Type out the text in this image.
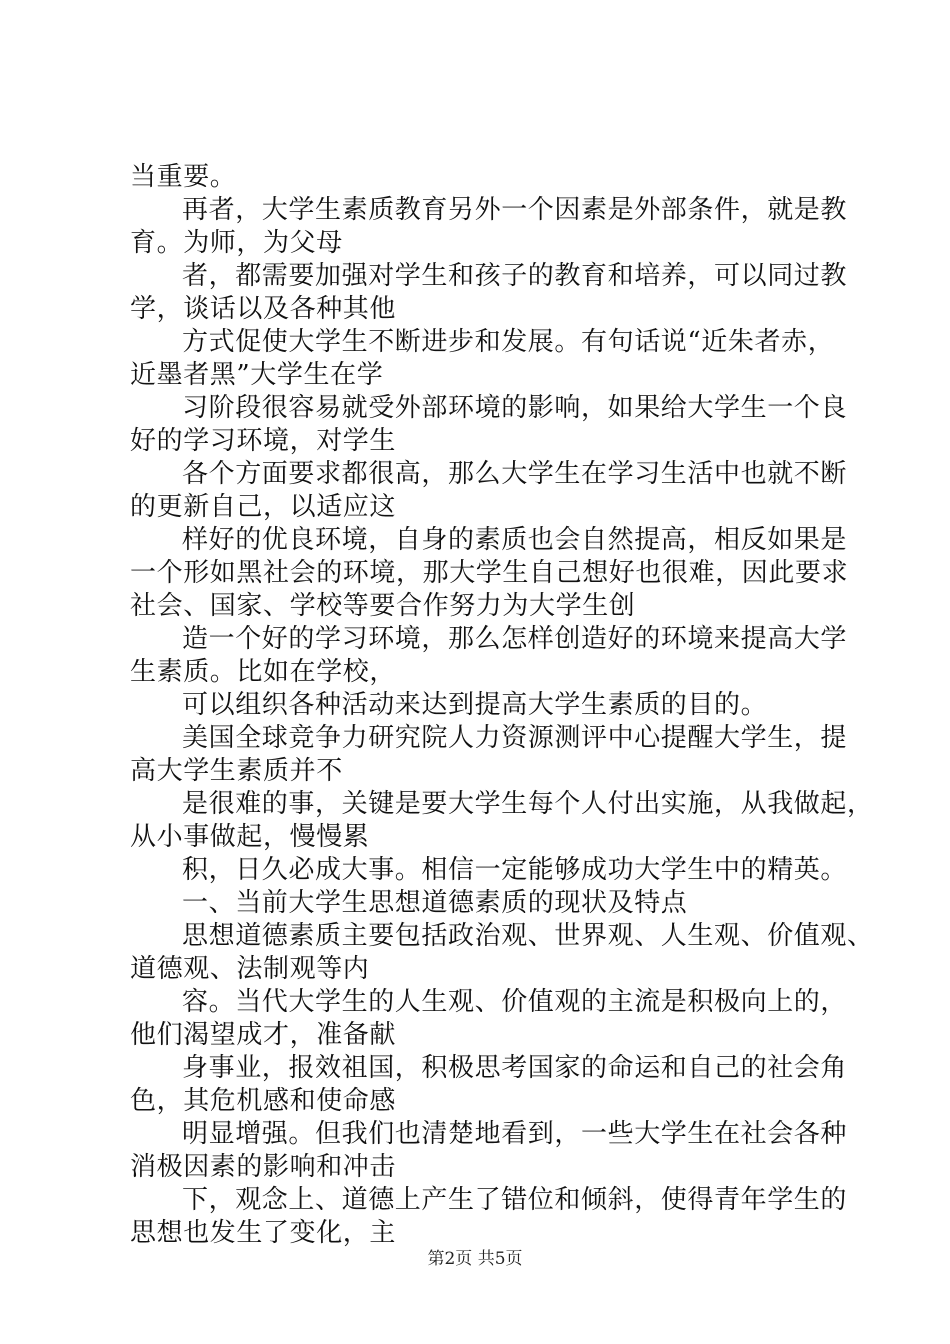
当重要。
再者，大学生素质教育另外一个因素是外部条件，就是教
育。为师，为父母
者，都需要加强对学生和孩子的教育和培养，可以同过教
学，谈话以及各种其他
方式促使大学生不断进步和发展。有句话说“近朱者赤，
近墨者黑”大学生在学
习阶段很容易就受外部环境的影响，如果给大学生一个良
好的学习环境，对学生
各个方面要求都很高，那么大学生在学习生活中也就不断
的更新自己，以适应这
样好的优良环境，自身的素质也会自然提高，相反如果是
一个形如黑社会的环境，那大学生自己想好也很难，因此要求
社会、国家、学校等要合作努力为大学生创
造一个好的学习环境，那么怎样创造好的环境来提高大学
生素质。比如在学校，
可以组织各种活动来达到提高大学生素质的目的。
美国全球竞争力研究院人力资源测评中心提醒大学生，提
高大学生素质并不
是很难的事，关键是要大学生每个人付出实施，从我做起，
从小事做起，慢慢累
积，日久必成大事。相信一定能够成功大学生中的精英。
一、当前大学生思想道德素质的现状及特点
思想道德素质主要包括政治观、世界观、人生观、价值观、
道德观、法制观等内
容。当代大学生的人生观、价值观的主流是积极向上的，
他们渴望成才，准备献
身事业，报效祖国，积极思考国家的命运和自己的社会角
色，其危机感和使命感
明显增强。但我们也清楚地看到，一些大学生在社会各种
消极因素的影响和冲击
下，观念上、道德上产生了错位和倾斜，使得青年学生的
思想也发生了变化，主
第2页 共5页
